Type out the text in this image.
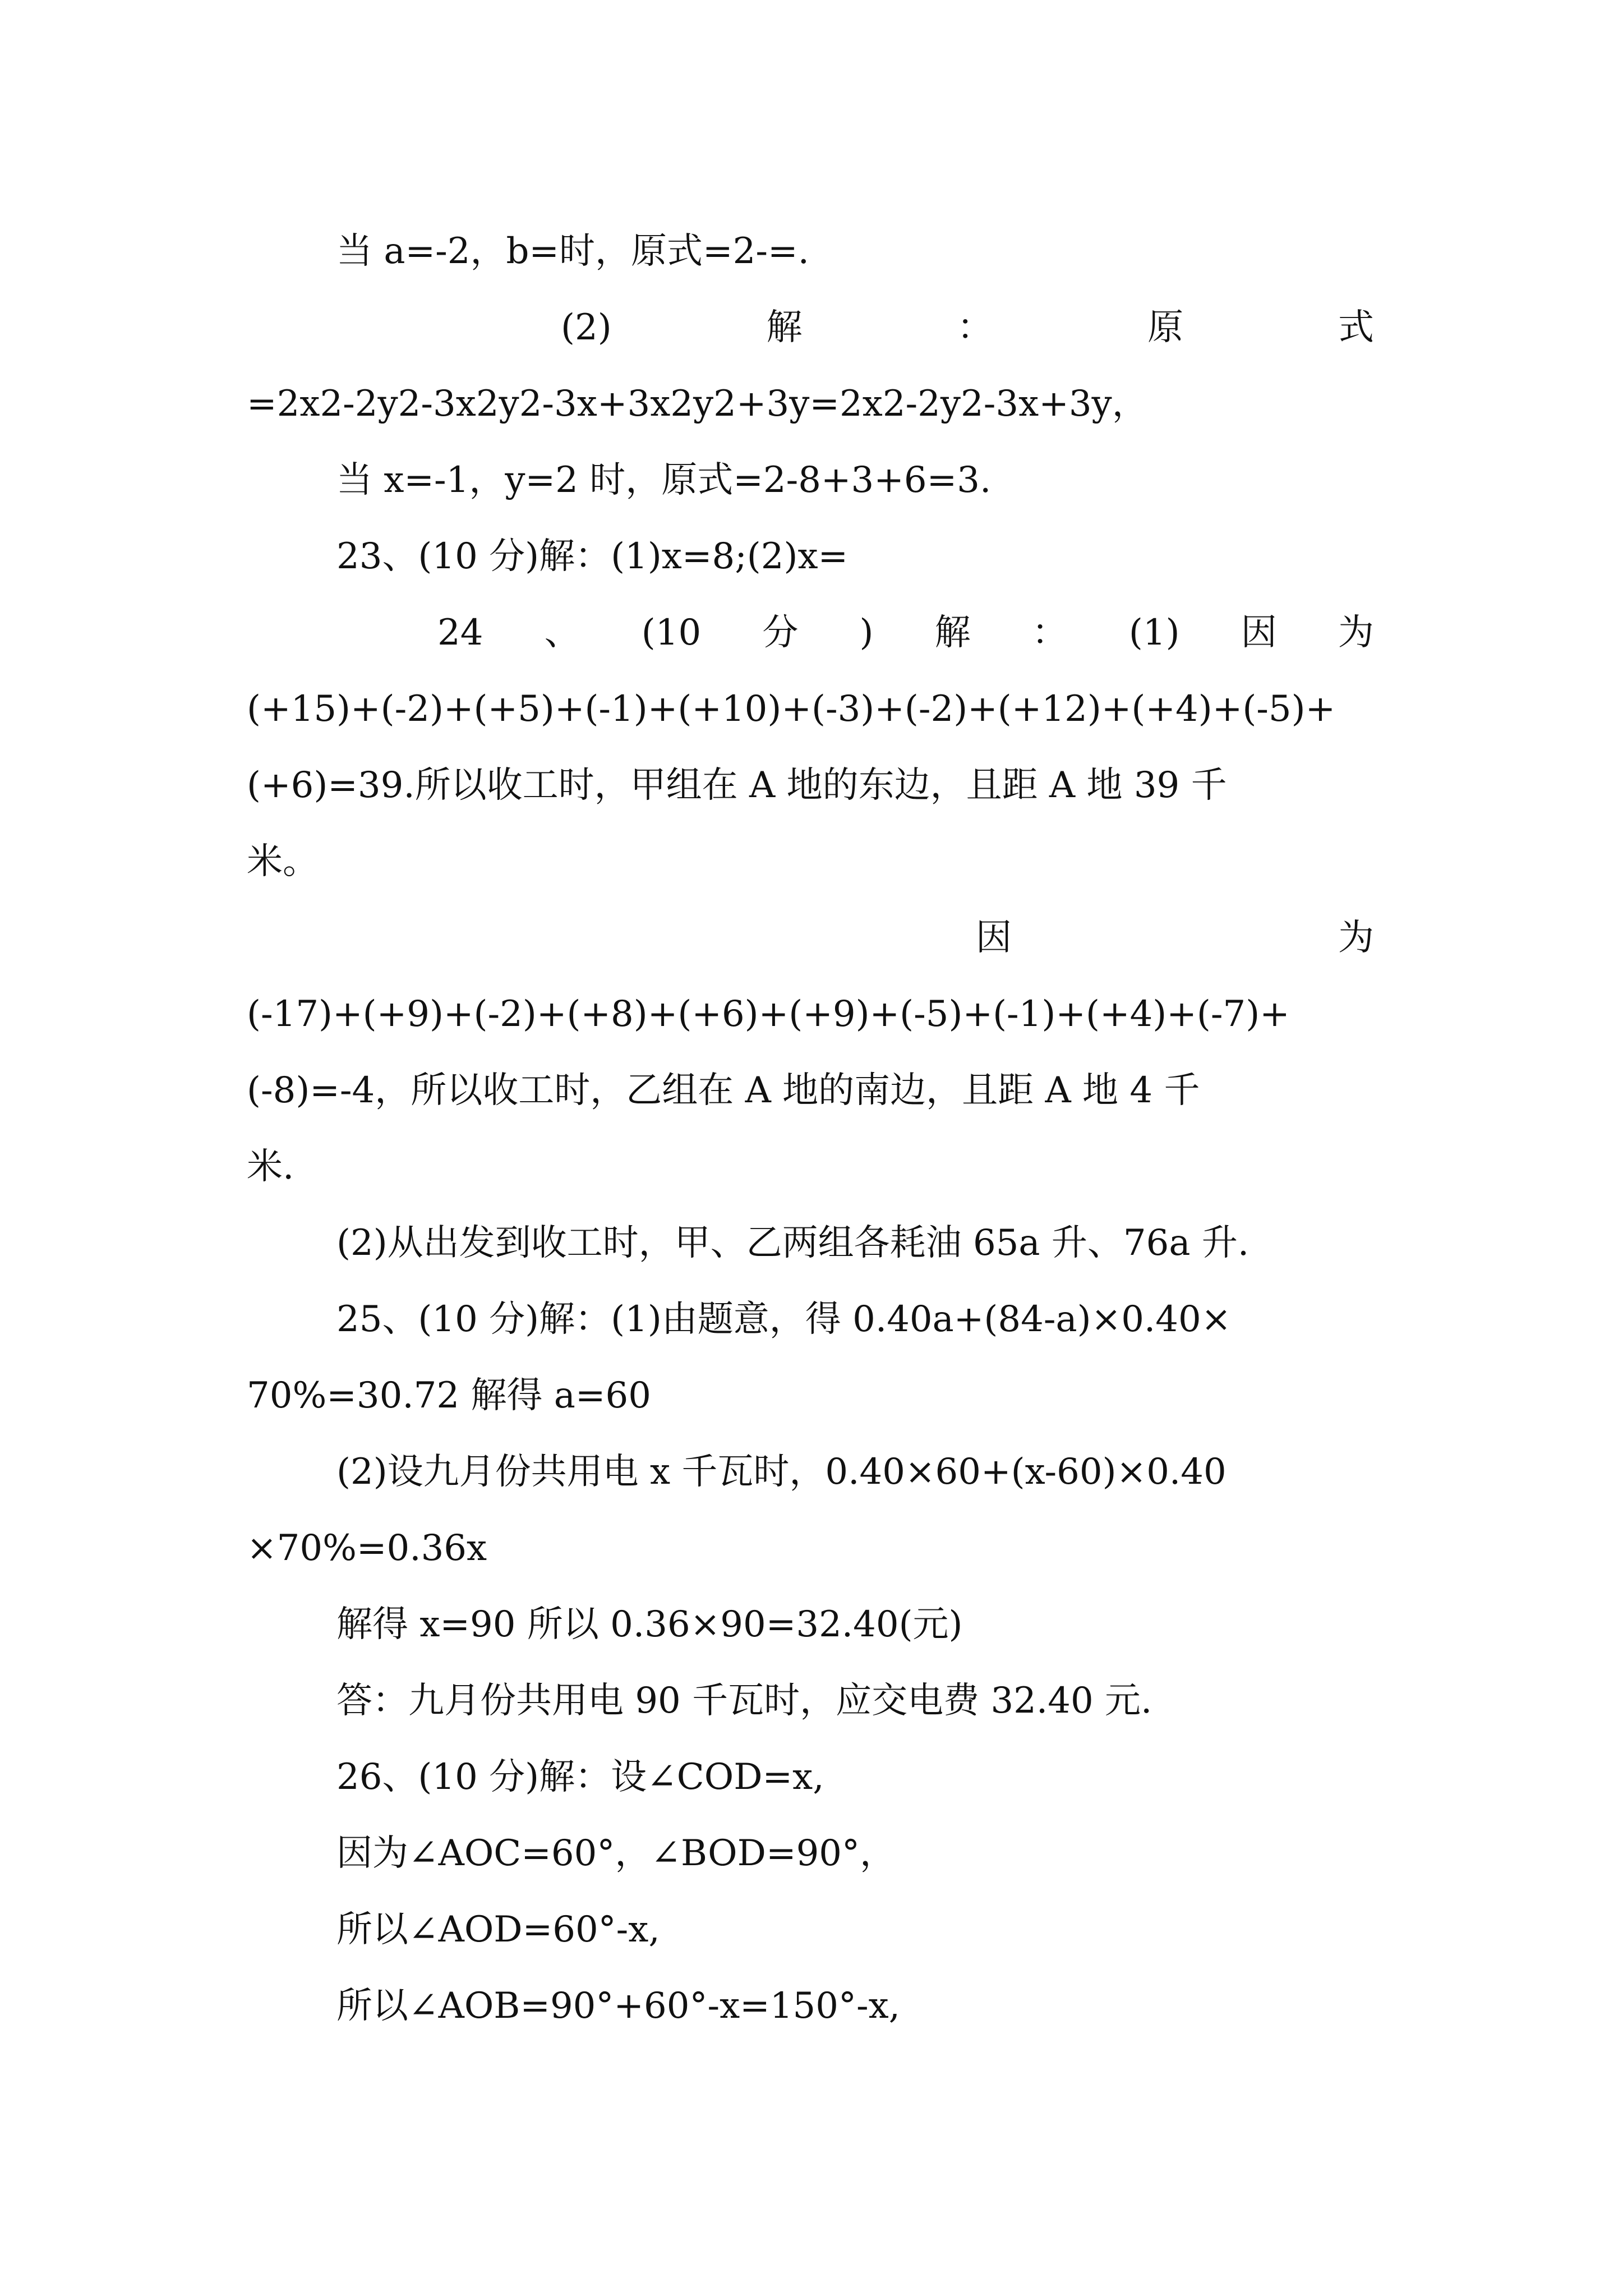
当 a=-2，b=时，原式=2-=.
(2)	解	：	原	式
=2x2-2y2-3x2y2-3x+3x2y2+3y=2x2-2y2-3x+3y，
当 x=-1，y=2 时，原式=2-8+3+6=3.
23、(10 分)解：(1)x=8;(2)x=
24 、 (10 分 ) 解 ： (1) 因 为
(+15)+(-2)+(+5)+(-1)+(+10)+(-3)+(-2)+(+12)+(+4)+(-5)+
(+6)=39.所以收工时，甲组在 A 地的东边，且距 A 地 39 千
米。
因	为
(-17)+(+9)+(-2)+(+8)+(+6)+(+9)+(-5)+(-1)+(+4)+(-7)+
(-8)=-4，所以收工时，乙组在 A 地的南边，且距 A 地 4 千
米.
(2)从出发到收工时，甲、乙两组各耗油 65a 升、76a 升.
25、(10 分)解：(1)由题意，得 0.40a+(84-a)×0.40×
70%=30.72 解得 a=60
(2)设九月份共用电 x 千瓦时，0.40×60+(x-60)×0.40
×70%=0.36x
解得 x=90 所以 0.36×90=32.40(元)
答：九月份共用电 90 千瓦时，应交电费 32.40 元.
26、(10 分)解：设∠COD=x,
因为∠AOC=60°，∠BOD=90°，
所以∠AOD=60°-x,
所以∠AOB=90°+60°-x=150°-x,
